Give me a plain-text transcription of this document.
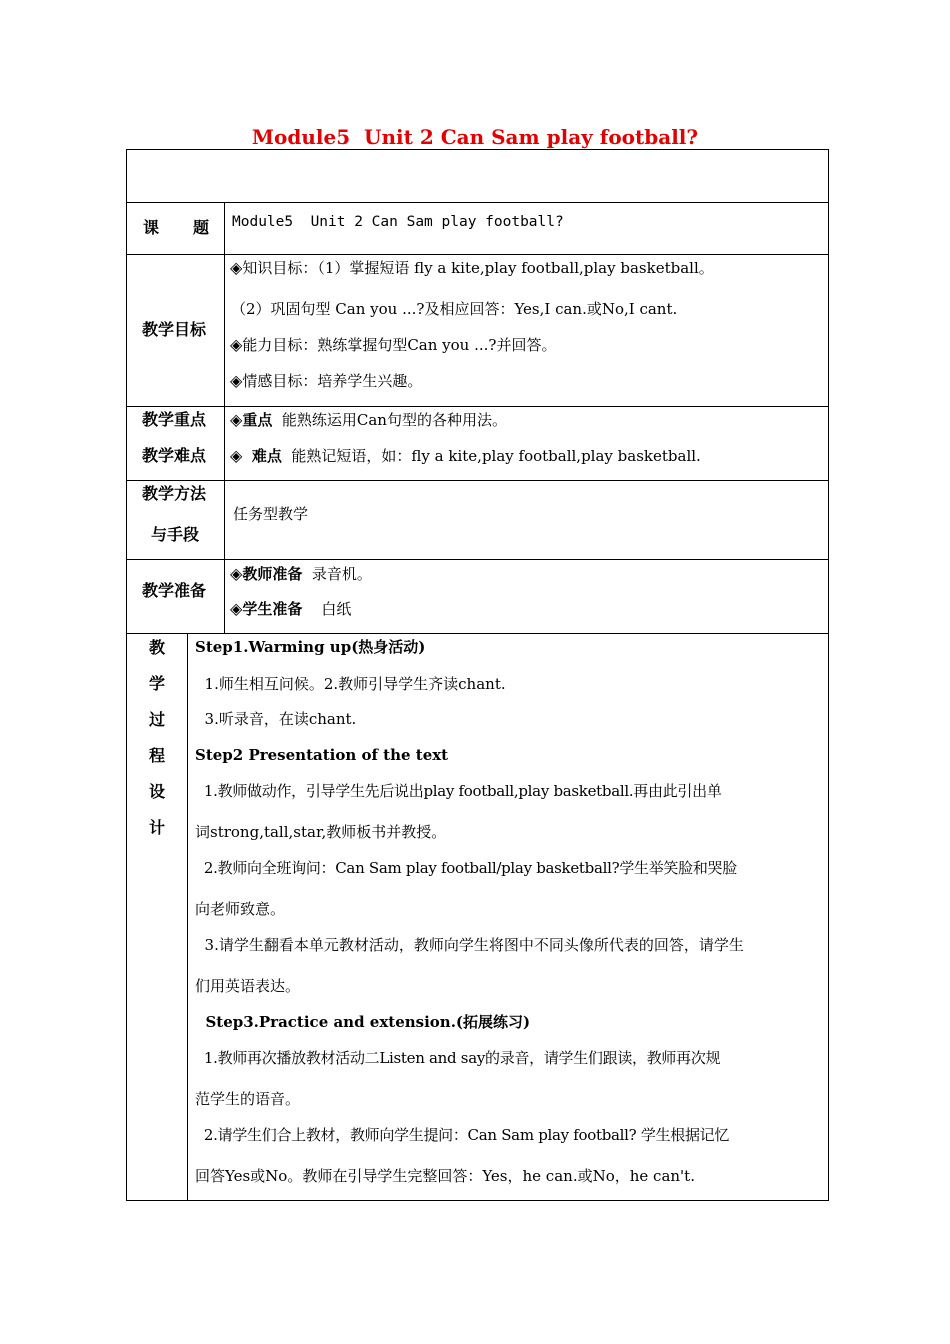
Module5  Unit 2 Can Sam play football?
课 题 Module5  Unit 2 Can Sam play football?
教学目标
◈知识目标：（1）掌握短语 fly a kite,play football,play basketball。
（2）巩固句型 Can you ...?及相应回答：Yes,I can.或No,I cant.
◈能力目标：熟练掌握句型Can you ...?并回答。
◈情感目标：培养学生兴趣。
教学重点
教学难点
◈重点 能熟练运用Can句型的各种用法。
◈ 难点 能熟记短语，如：fly a kite,play football,play basketball.
教学方法
与手段
任务型教学
教学准备
◈教师准备 录音机。
◈学生准备 白纸
教
学
过
程
设
计
Step1.Warming up(热身活动)
1.师生相互问候。2.教师引导学生齐读chant.
3.听录音，在读chant.
Step2 Presentation of the text
1.教师做动作，引导学生先后说出play football,play basketball.再由此引出单
词strong,tall,star,教师板书并教授。
2.教师向全班询问：Can Sam play football/play basketball?学生举笑脸和哭脸
向老师致意。
3.请学生翻看本单元教材活动，教师向学生将图中不同头像所代表的回答，请学生
们用英语表达。
Step3.Practice and extension.(拓展练习)
1.教师再次播放教材活动二Listen and say的录音，请学生们跟读，教师再次规
范学生的语音。
2.请学生们合上教材，教师向学生提问：Can Sam play football? 学生根据记忆
回答Yes或No。教师在引导学生完整回答：Yes，he can.或No，he can't.
